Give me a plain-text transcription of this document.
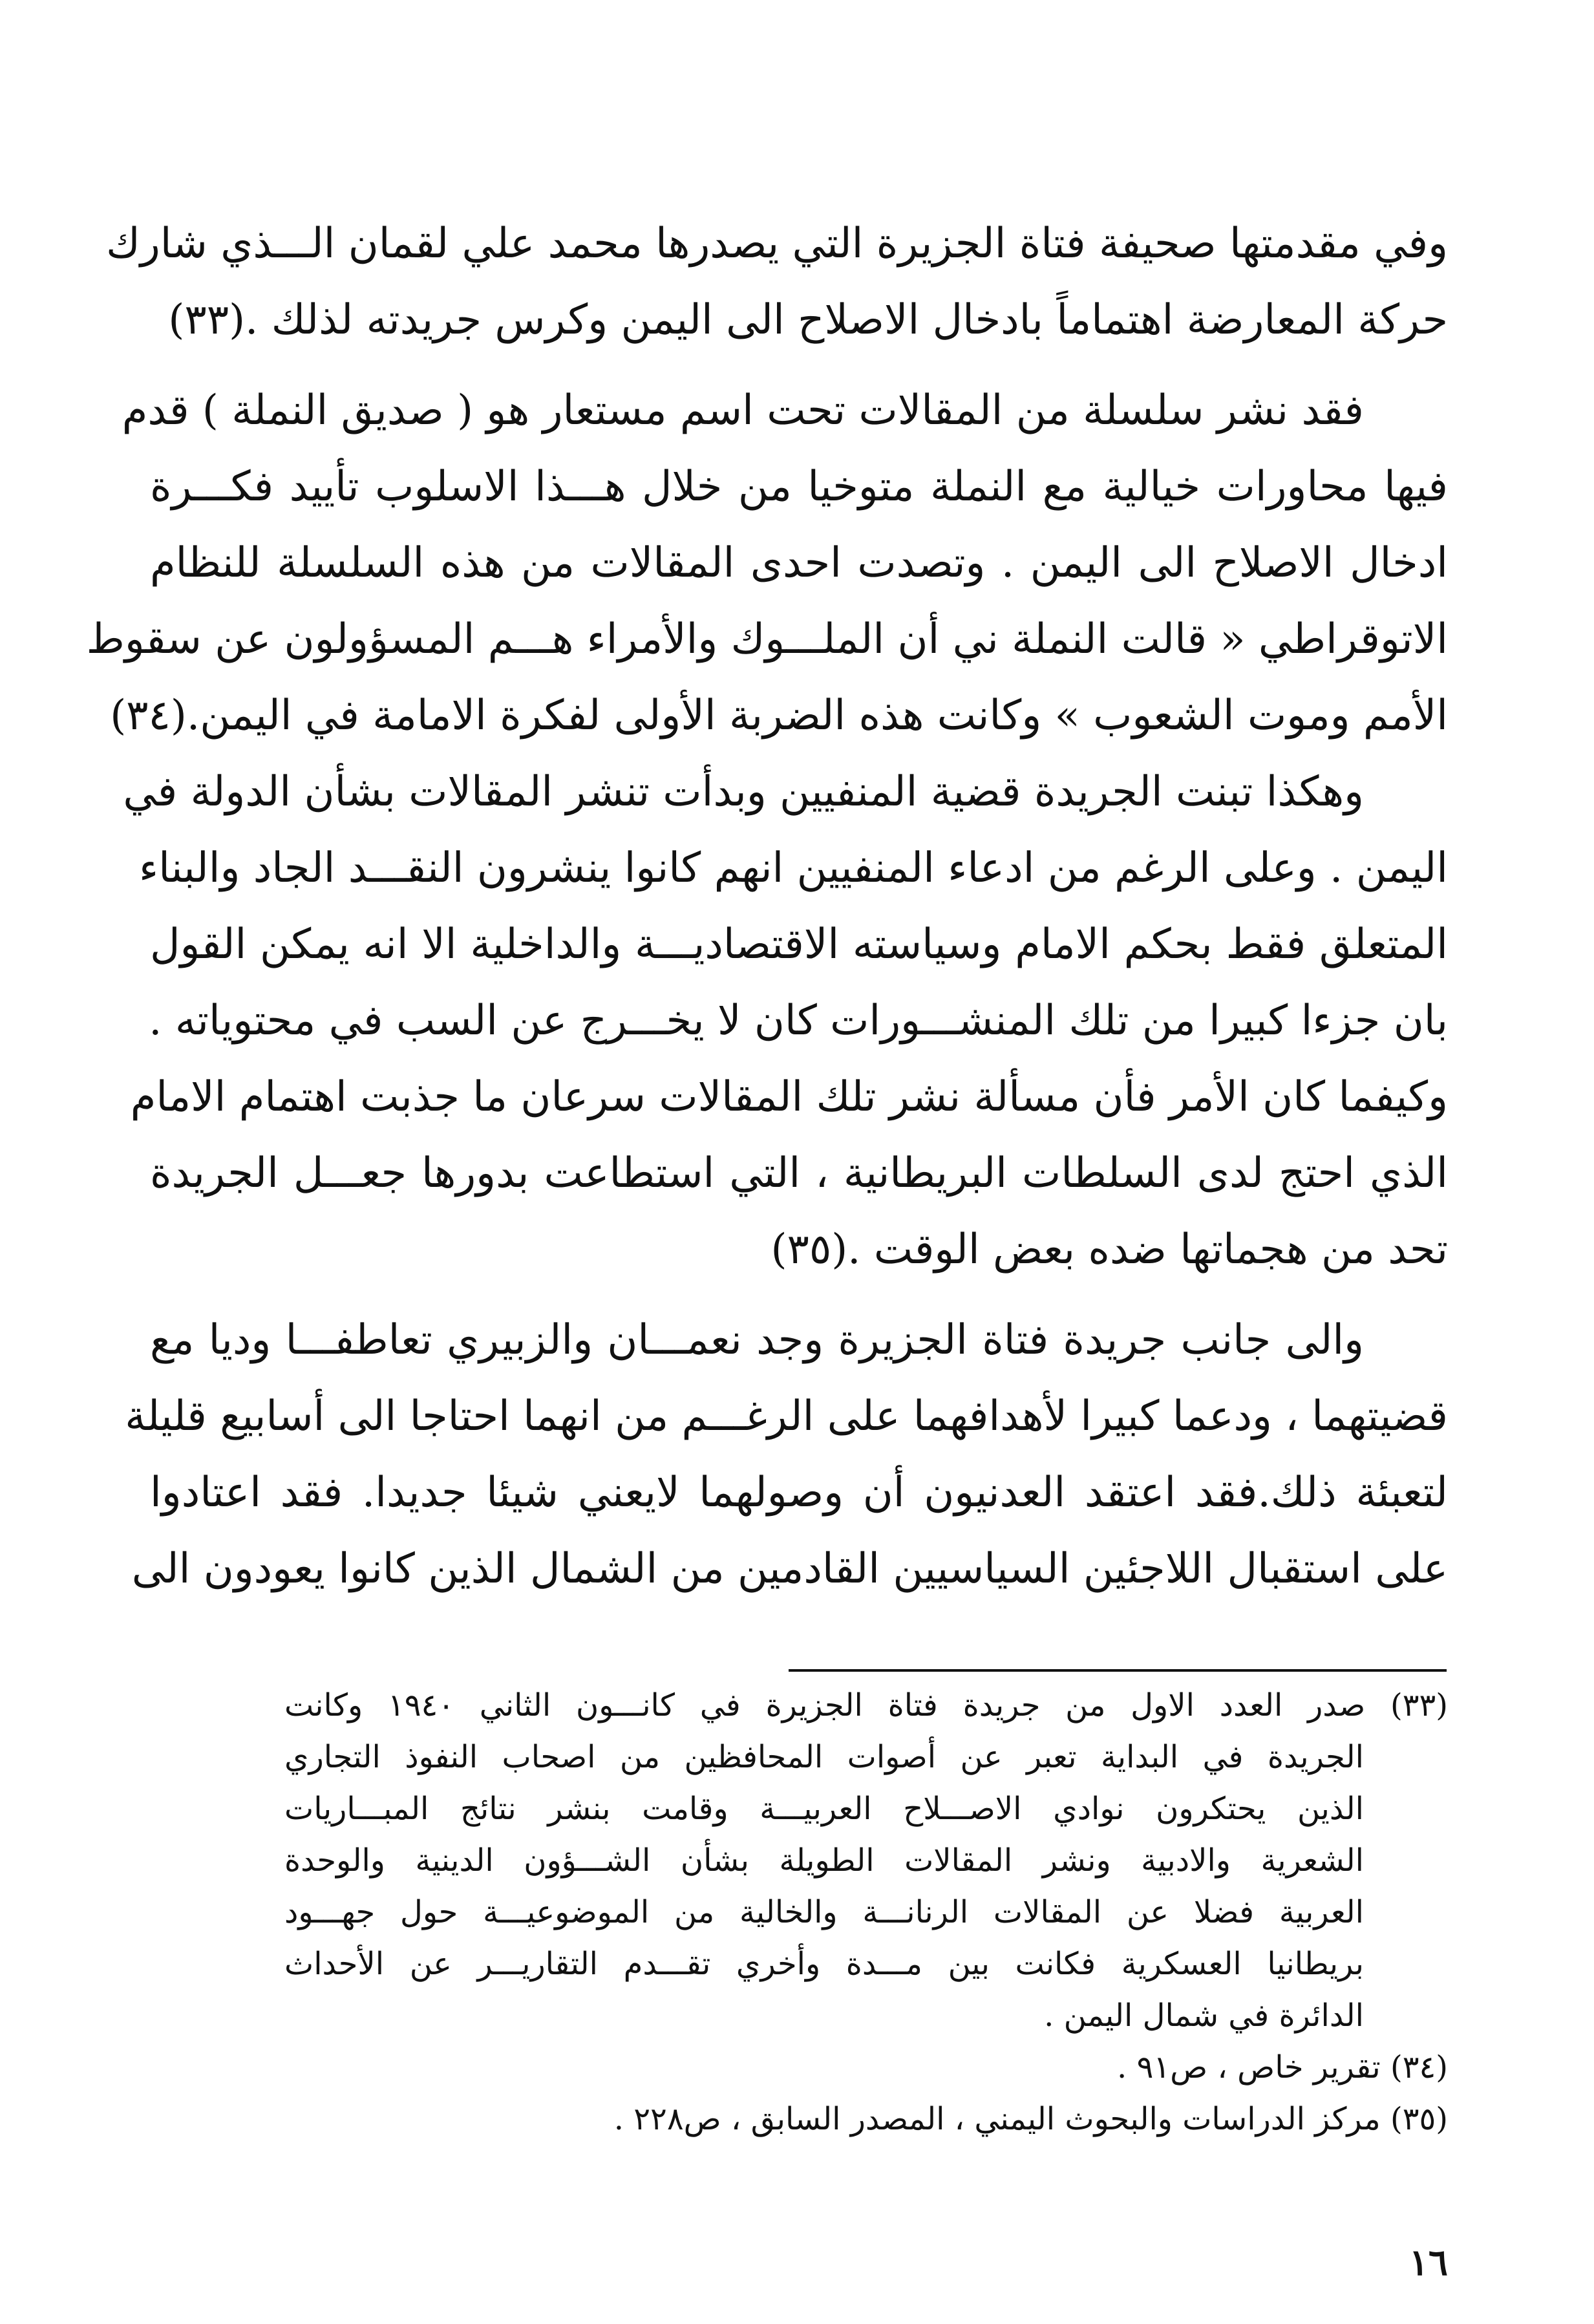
وفي مقدمتها صحيفة فتاة الجزيرة التي يصدرها محمد علي لقمان الـــذي شارك
حركة المعارضة اهتماماً بادخال الاصلاح الى اليمن وكرس جريدته لذلك .(٣٣)
فقد نشر سلسلة من المقالات تحت اسم مستعار هو ( صديق النملة ) قدم
فيها محاورات خيالية مع النملة متوخيا من خلال هـــذا الاسلوب تأييد فكـــرة
ادخال الاصلاح الى اليمن . وتصدت احدى المقالات من هذه السلسلة للنظام
الاتوقراطي « قالت النملة ني أن الملـــوك والأمراء هـــم المسؤولون عن سقوط
الأمم وموت الشعوب » وكانت هذه الضربة الأولى لفكرة الامامة في اليمن.(٣٤)
وهكذا تبنت الجريدة قضية المنفيين وبدأت تنشر المقالات بشأن الدولة في
اليمن . وعلى الرغم من ادعاء المنفيين انهم كانوا ينشرون النقـــد الجاد والبناء
المتعلق فقط بحكم الامام وسياسته الاقتصاديـــة والداخلية الا انه يمكن القول
بان جزءا كبيرا من تلك المنشـــورات كان لا يخـــرج عن السب في محتوياته .
وكيفما كان الأمر فأن مسألة نشر تلك المقالات سرعان ما جذبت اهتمام الامام
الذي احتج لدى السلطات البريطانية ، التي استطاعت بدورها جعـــل الجريدة
تحد من هجماتها ضده بعض الوقت .(٣٥)
والى جانب جريدة فتاة الجزيرة وجد نعمـــان والزبيري تعاطفـــا وديا مع
قضيتهما ، ودعما كبيرا لأهدافهما على الرغـــم من انهما احتاجا الى أسابيع قليلة
لتعبئة ذلك.فقد اعتقد العدنيون أن وصولهما لايعني شيئا جديدا. فقد اعتادوا
على استقبال اللاجئين السياسيين القادمين من الشمال الذين كانوا يعودون الى
(٣٣) صدر العدد الاول من جريدة فتاة الجزيرة في كانـــون الثاني ١٩٤٠ وكانت
الجريدة في البداية تعبر عن أصوات المحافظين من اصحاب النفوذ التجاري
الذين يحتكرون نوادي الاصـــلاح العربيـــة وقامت بنشر نتائج المبـــاريات
الشعرية والادبية ونشر المقالات الطويلة بشأن الشـــؤون الدينية والوحدة
العربية فضلا عن المقالات الرنانـــة والخالية من الموضوعيـــة حول جهـــود
بريطانيا العسكرية فكانت بين مـــدة وأخري تقـــدم التقاريـــر عن الأحداث
الدائرة في شمال اليمن .
(٣٤) تقرير خاص ، ص٩١ .
(٣٥) مركز الدراسات والبحوث اليمني ، المصدر السابق ، ص٢٢٨ .
١٦
